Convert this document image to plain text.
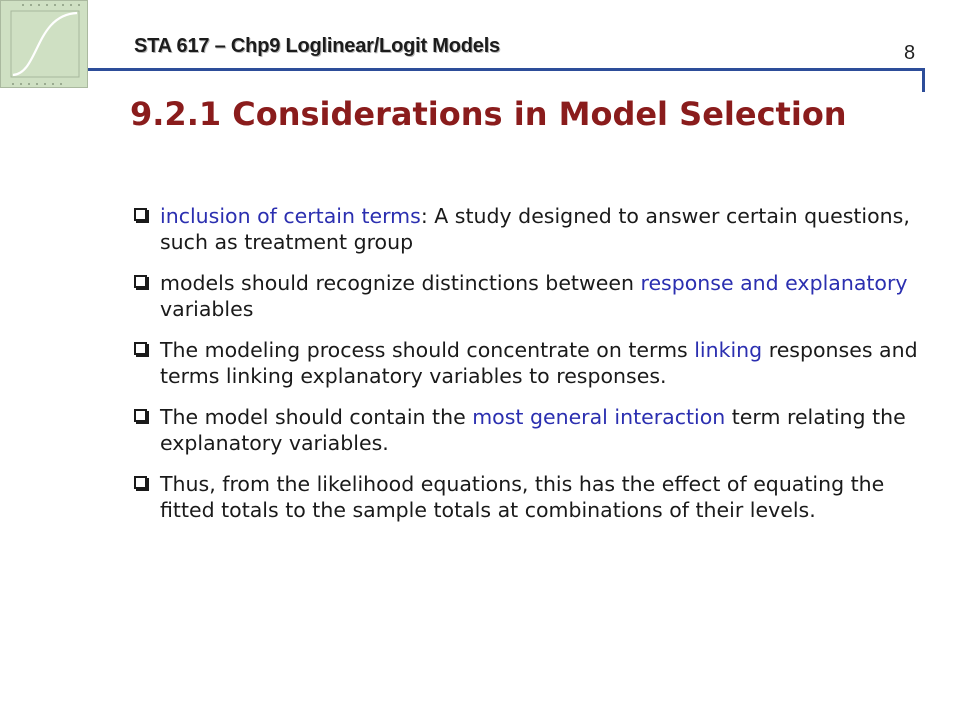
STA 617 – Chp9 Loglinear/Logit Models	8
9.2.1 Considerations in Model Selection
inclusion of certain terms: A study designed to answer certain questions, such as treatment group
models should recognize distinctions between response and explanatory variables
The modeling process should concentrate on terms linking responses and terms linking explanatory variables to responses.
The model should contain the most general interaction term relating the explanatory variables.
Thus, from the likelihood equations, this has the effect of equating the fitted totals to the sample totals at combinations of their levels.
